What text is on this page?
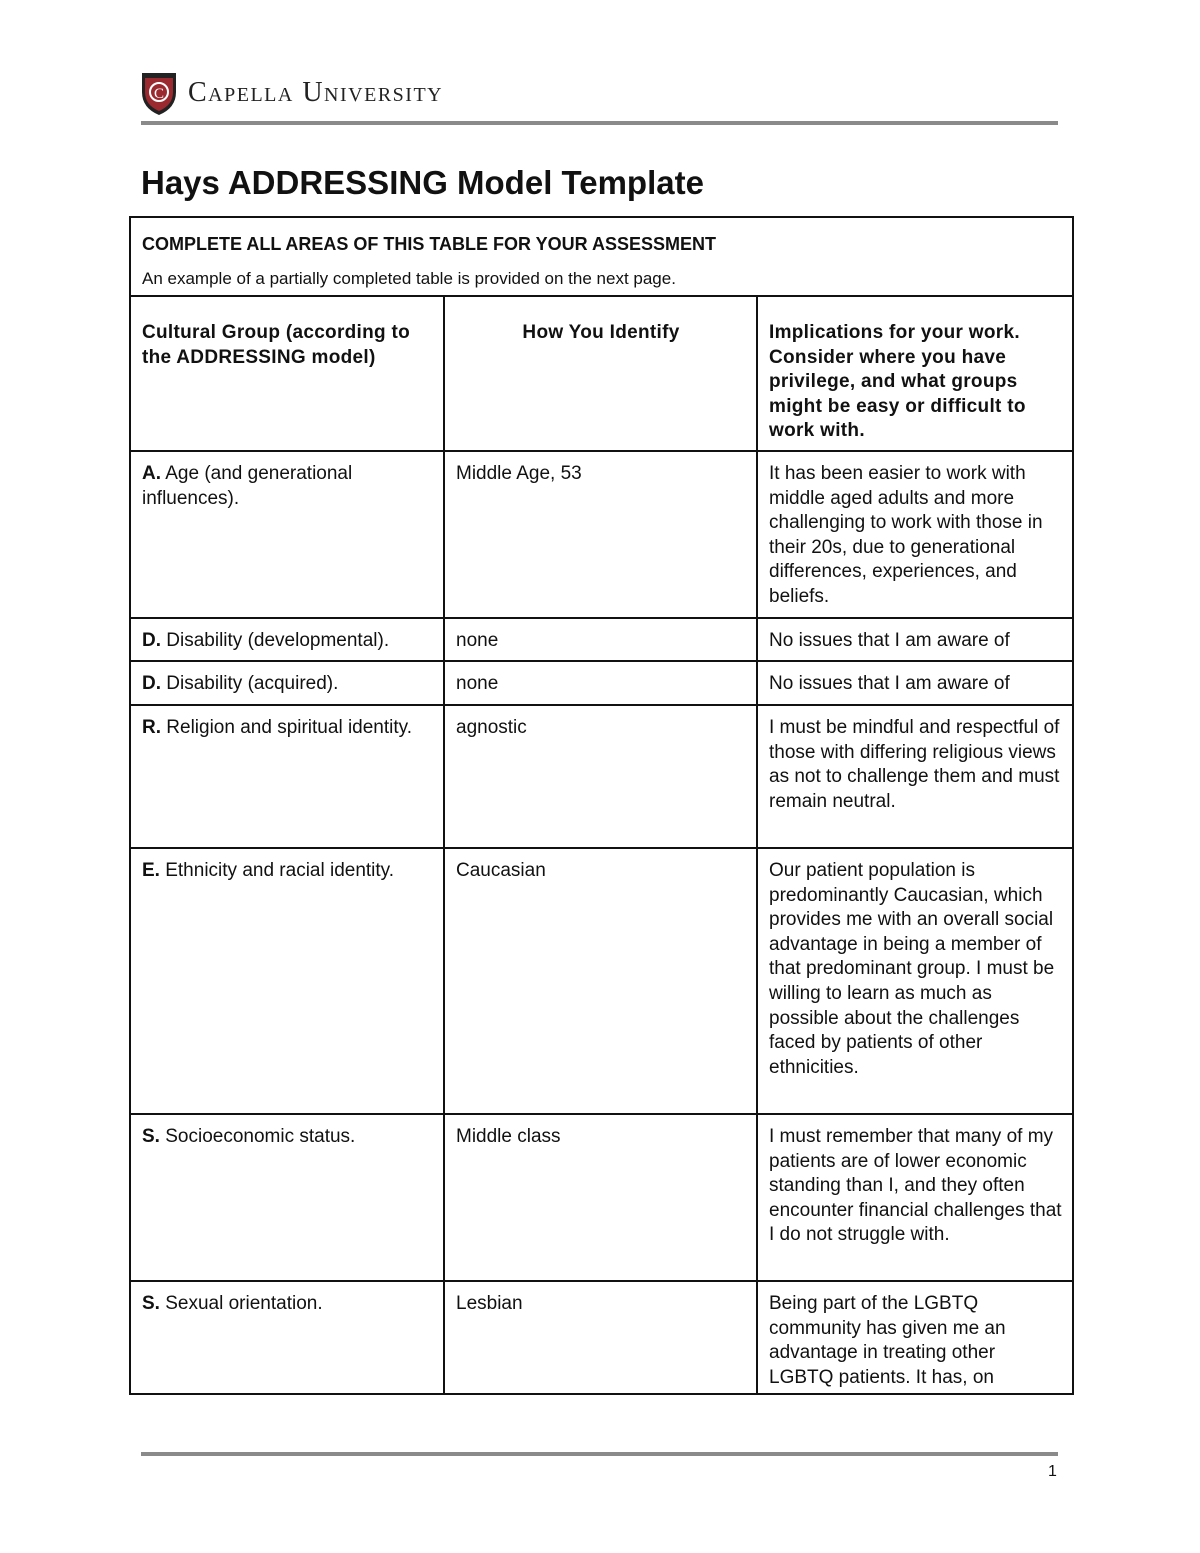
C Capella University
Hays ADDRESSING Model Template
COMPLETE ALL AREAS OF THIS TABLE FOR YOUR ASSESSMENT
An example of a partially completed table is provided on the next page.		

Cultural Group (according to the ADDRESSING model)	How You Identify	Implications for your work. Consider where you have privilege, and what groups might be easy or difficult to work with.
A. Age (and generational influences).	Middle Age, 53	It has been easier to work with middle aged adults and more challenging to work with those in their 20s, due to generational differences, experiences, and beliefs.
D. Disability (developmental).	none	No issues that I am aware of
D. Disability (acquired).	none	No issues that I am aware of
R. Religion and spiritual identity.	agnostic	I must be mindful and respectful of those with differing religious views as not to challenge them and must remain neutral.
E. Ethnicity and racial identity.	Caucasian	Our patient population is predominantly Caucasian, which provides me with an overall social advantage in being a member of that predominant group. I must be willing to learn as much as possible about the challenges faced by patients of other ethnicities.
S. Socioeconomic status.	Middle class	I must remember that many of my patients are of lower economic standing than I, and they often encounter financial challenges that I do not struggle with.
S. Sexual orientation.	Lesbian	Being part of the LGBTQ community has given me an advantage in treating other LGBTQ patients. It has, on
1
